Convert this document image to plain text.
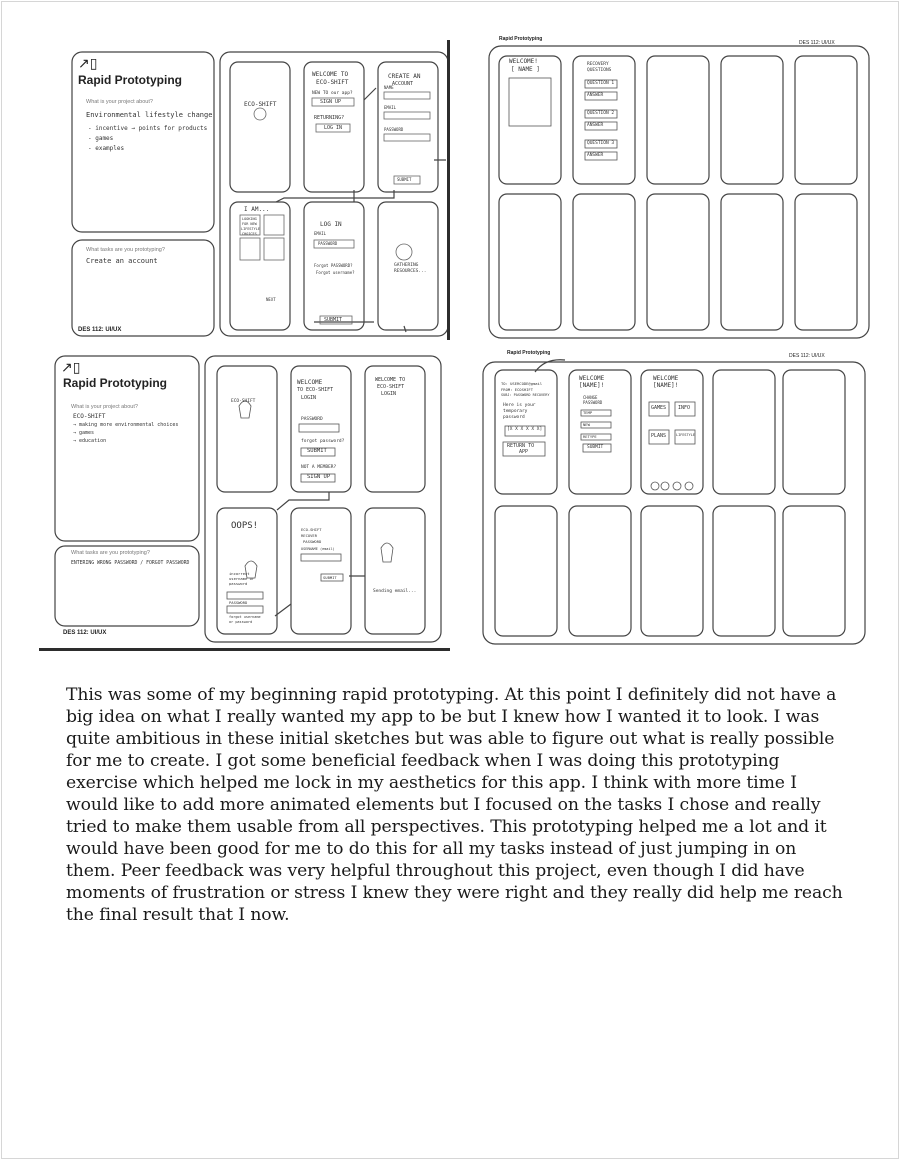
↗▯
Rapid Prototyping
What is your project about?
Environmental lifestyle change
- incentive → points for products
- games
- examples
What tasks are you prototyping?
Create an account
DES 112: UI/UX
ECO-SHIFT
WELCOME TO
ECO-SHIFT
NEW TO our app?
SIGN UP
RETURNING?
LOG IN
CREATE AN
ACCOUNT
NAME
EMAIL
PASSWORD
SUBMIT
I AM...
LOOKING
FOR NEW
LIFESTYLE
CHOICES
NEXT
LOG IN
EMAIL
PASSWORD
Forgot PASSWORD?
Forgot username?
SUBMIT
GATHERING
RESOURCES...
Rapid Prototyping
DES 112: UI/UX
WELCOME!
[ NAME ]
RECOVERY
QUESTIONS
QUESTION 1
ANSWER
QUESTION 2
ANSWER
QUESTION 3
ANSWER
↗▯
Rapid Prototyping
What is your project about?
ECO-SHIFT
→ making more environmental choices
→ games
→ education
What tasks are you prototyping?
ENTERING WRONG PASSWORD / FORGOT PASSWORD
DES 112: UI/UX
ECO-SHIFT
WELCOME
TO ECO-SHIFT
LOGIN
PASSWORD
forgot password?
SUBMIT
NOT A MEMBER?
SIGN UP
WELCOME TO
ECO-SHIFT
LOGIN
OOPS!
incorrect
username or
password
PASSWORD
forgot username
or password
ECO-SHIFT
RECOVER
PASSWORD
USERNAME (email)
SUBMIT
Sending email...
Rapid Prototyping	DES 112: UI/UX
TO: USERCODE@gmail
FROM: ECOSHIFT
SUBJ: PASSWORD RECOVERY
Here is your
temporary
password
[X X X X X X]
RETURN TO
APP
WELCOME
[NAME]!
CHANGE
PASSWORD
TEMP
NEW
RETYPE
SUBMIT
WELCOME
[NAME]!
GAMES INFO
PLANS	LIFESTYLE

This was some of my beginning rapid prototyping. At this point I definitely did not have a big idea on what I really wanted my app to be but I knew how I wanted it to look. I was quite ambitious in these initial sketches but was able to figure out what is really possible for me to create. I got some beneficial feedback when I was doing this prototyping exercise which helped me lock in my aesthetics for this app. I think with more time I would like to add more animated elements but I focused on the tasks I chose and really tried to make them usable from all perspectives. This prototyping helped me a lot and it would have been good for me to do this for all my tasks instead of just jumping in on them. Peer feedback was very helpful throughout this project, even though I did have moments of frustration or stress I knew they were right and they really did help me reach the final result that I now.
